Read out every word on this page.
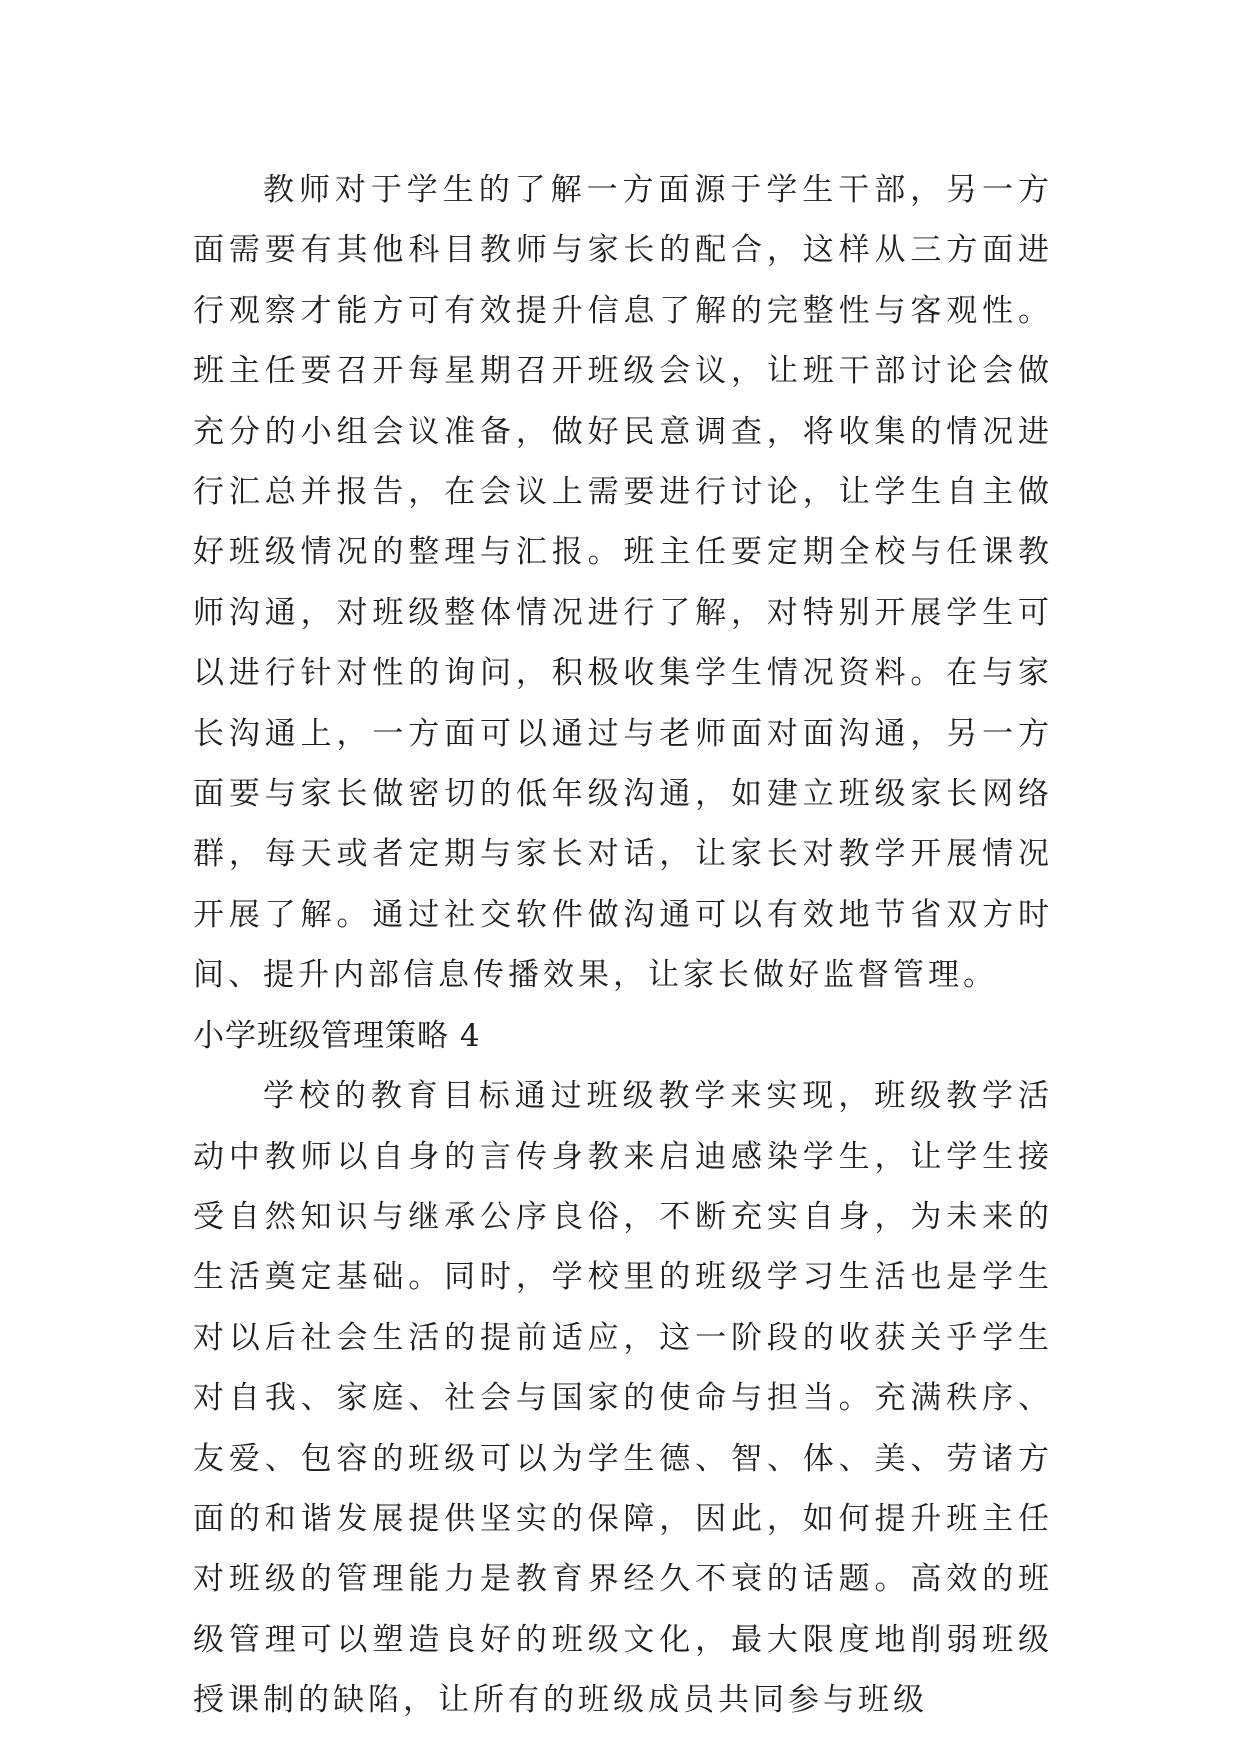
教师对于学生的了解一方面源于学生干部，另一方面需要有其他科目教师与家长的配合，这样从三方面进行观察才能方可有效提升信息了解的完整性与客观性。班主任要召开每星期召开班级会议，让班干部讨论会做充分的小组会议准备，做好民意调查，将收集的情况进行汇总并报告，在会议上需要进行讨论，让学生自主做好班级情况的整理与汇报。班主任要定期全校与任课教师沟通，对班级整体情况进行了解，对特别开展学生可以进行针对性的询问，积极收集学生情况资料。在与家长沟通上，一方面可以通过与老师面对面沟通，另一方面要与家长做密切的低年级沟通，如建立班级家长网络群，每天或者定期与家长对话，让家长对教学开展情况开展了解。通过社交软件做沟通可以有效地节省双方时间、提升内部信息传播效果，让家长做好监督管理。

小学班级管理策略 4

学校的教育目标通过班级教学来实现，班级教学活动中教师以自身的言传身教来启迪感染学生，让学生接受自然知识与继承公序良俗，不断充实自身，为未来的生活奠定基础。同时，学校里的班级学习生活也是学生对以后社会生活的提前适应，这一阶段的收获关乎学生对自我、家庭、社会与国家的使命与担当。充满秩序、友爱、包容的班级可以为学生德、智、体、美、劳诸方面的和谐发展提供坚实的保障，因此，如何提升班主任对班级的管理能力是教育界经久不衰的话题。高效的班级管理可以塑造良好的班级文化，最大限度地削弱班级授课制的缺陷，让所有的班级成员共同参与班级
